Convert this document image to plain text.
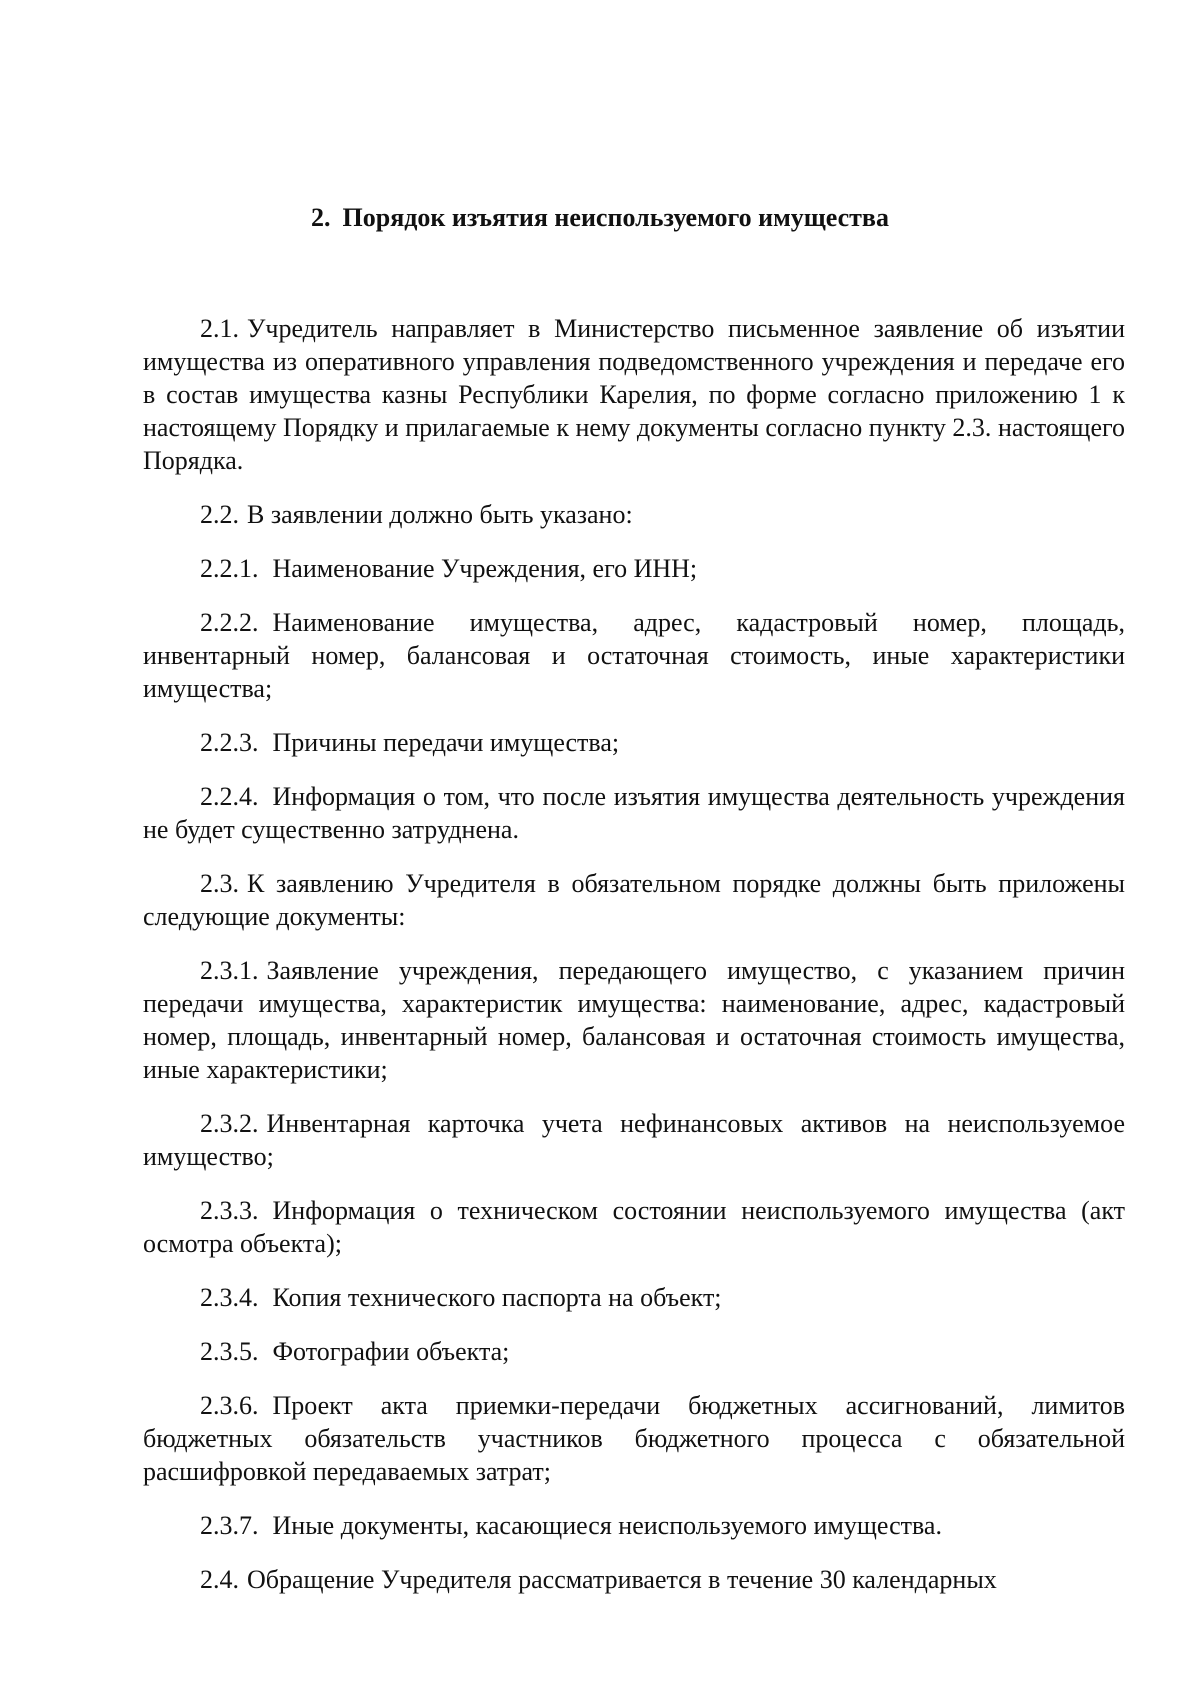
2. Порядок изъятия неиспользуемого имущества

2.1. Учредитель направляет в Министерство письменное заявление об изъятии имущества из оперативного управления подведомственного учреждения и передаче его в состав имущества казны Республики Карелия, по форме согласно приложению 1 к настоящему Порядку и прилагаемые к нему документы согласно пункту 2.3. настоящего Порядка.

2.2. В заявлении должно быть указано:

2.2.1. Наименование Учреждения, его ИНН;

2.2.2. Наименование имущества, адрес, кадастровый номер, площадь, инвентарный номер, балансовая и остаточная стоимость, иные характеристики имущества;

2.2.3. Причины передачи имущества;

2.2.4. Информация о том, что после изъятия имущества деятельность учреждения не будет существенно затруднена.

2.3. К заявлению Учредителя в обязательном порядке должны быть приложены следующие документы:

2.3.1. Заявление учреждения, передающего имущество, с указанием причин передачи имущества, характеристик имущества: наименование, адрес, кадастровый номер, площадь, инвентарный номер, балансовая и остаточная стоимость имущества, иные характеристики;

2.3.2. Инвентарная карточка учета нефинансовых активов на неиспользуемое имущество;

2.3.3. Информация о техническом состоянии неиспользуемого имущества (акт осмотра объекта);

2.3.4. Копия технического паспорта на объект;

2.3.5. Фотографии объекта;

2.3.6. Проект акта приемки-передачи бюджетных ассигнований, лимитов бюджетных обязательств участников бюджетного процесса с обязательной расшифровкой передаваемых затрат;

2.3.7. Иные документы, касающиеся неиспользуемого имущества.

2.4. Обращение Учредителя рассматривается в течение 30 календарных
